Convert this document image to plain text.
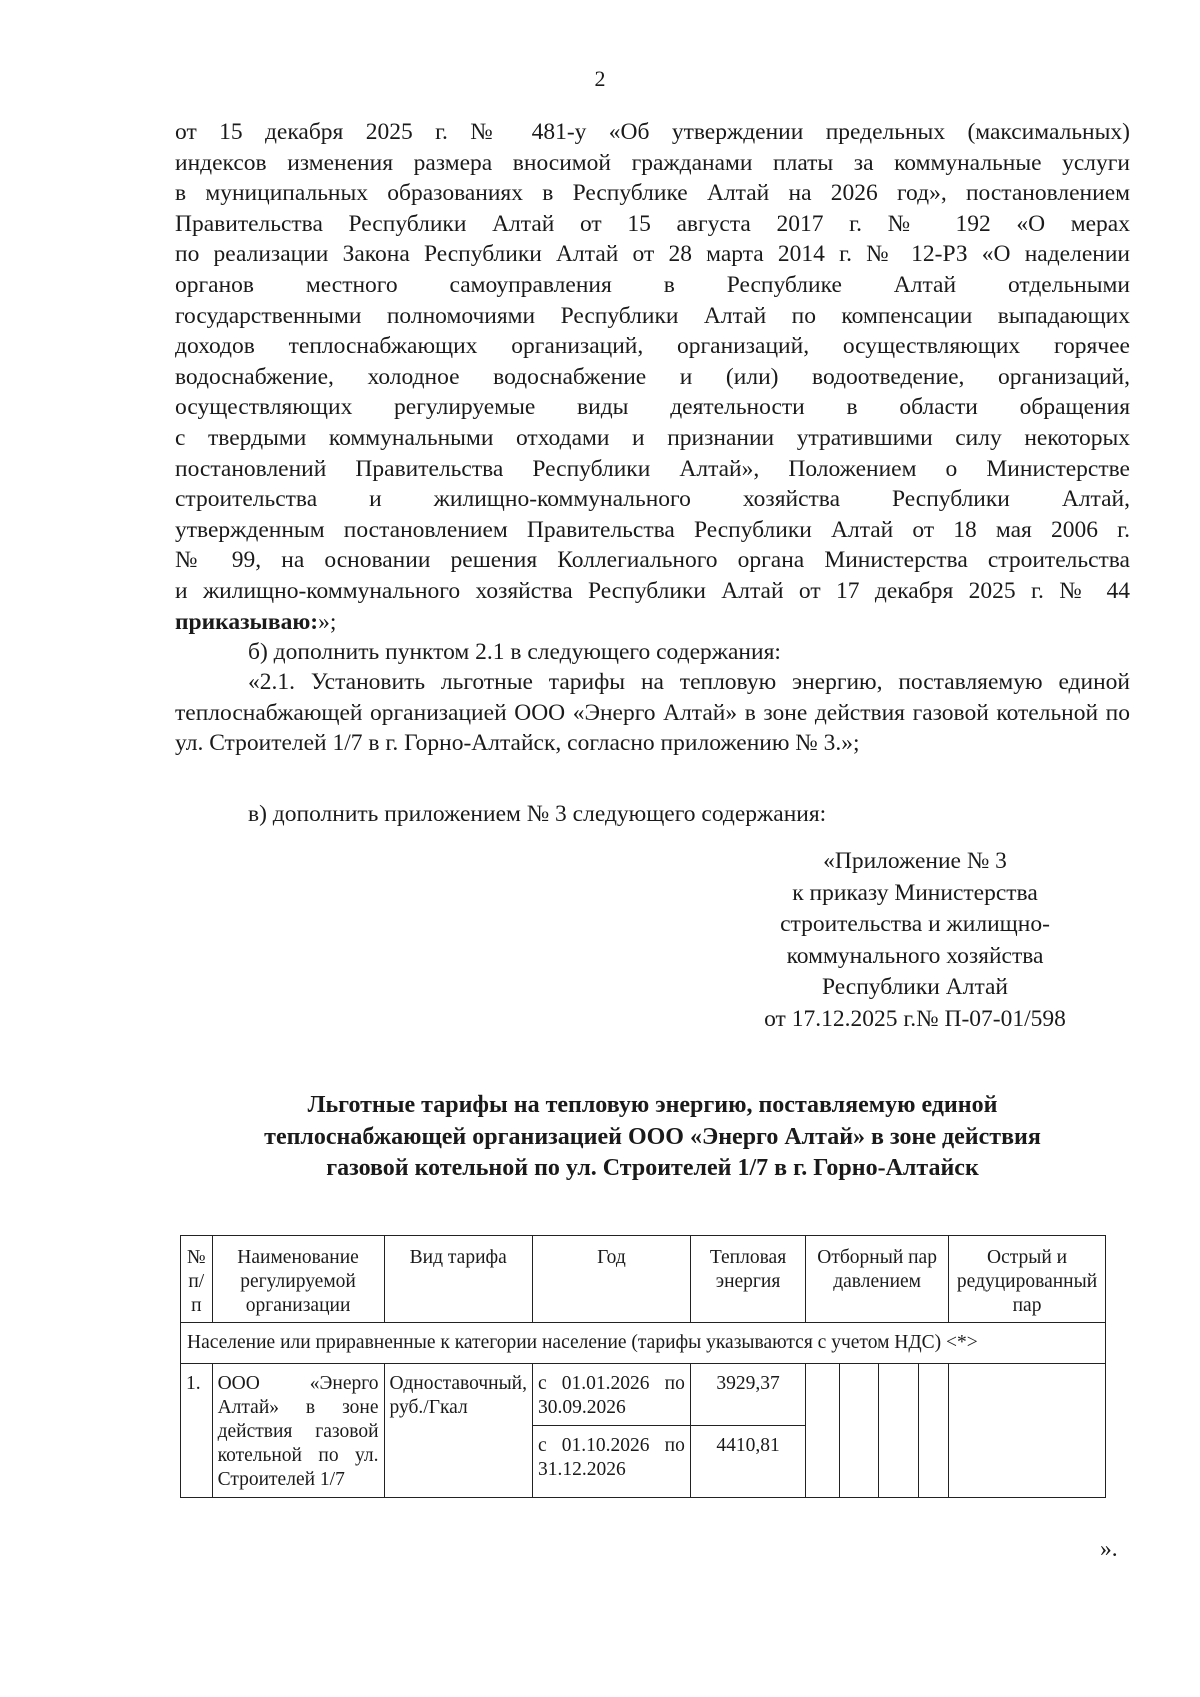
2
от 15 декабря 2025 г. № 481-у «Об утверждении предельных (максимальных)
индексов изменения размера вносимой гражданами платы за коммунальные услуги
в муниципальных образованиях в Республике Алтай на 2026 год», постановлением
Правительства Республики Алтай от 15 августа 2017 г. № 192 «О мерах
по реализации Закона Республики Алтай от 28 марта 2014 г. № 12-РЗ «О наделении
органов местного самоуправления в Республике Алтай отдельными
государственными полномочиями Республики Алтай по компенсации выпадающих
доходов теплоснабжающих организаций, организаций, осуществляющих горячее
водоснабжение, холодное водоснабжение и (или) водоотведение, организаций,
осуществляющих регулируемые виды деятельности в области обращения
с твердыми коммунальными отходами и признании утратившими силу некоторых
постановлений Правительства Республики Алтай», Положением о Министерстве
строительства и жилищно-коммунального хозяйства Республики Алтай,
утвержденным постановлением Правительства Республики Алтай от 18 мая 2006 г.
№ 99, на основании решения Коллегиального органа Министерства строительства
и жилищно-коммунального хозяйства Республики Алтай от 17 декабря 2025 г. № 44
приказываю:»;

б) дополнить пунктом 2.1 в следующего содержания:

«2.1. Установить льготные тарифы на тепловую энергию, поставляемую единой теплоснабжающей организацией ООО «Энерго Алтай» в зоне действия газовой котельной по ул. Строителей 1/7 в г. Горно-Алтайск, согласно приложению № 3.»;

в) дополнить приложением № 3 следующего содержания:

«Приложение № 3
к приказу Министерства
строительства и жилищно-
коммунального хозяйства
Республики Алтай
от 17.12.2025 г.№ П-07-01/598
Льготные тарифы на тепловую энергию, поставляемую единой
теплоснабжающей организацией ООО «Энерго Алтай» в зоне действия
газовой котельной по ул. Строителей 1/7 в г. Горно-Алтайск
№ п/п	Наименование регулируемой организации	Вид тарифа	Год	Тепловая энергия	Отборный пар давлением				Острый и редуцированный пар
Население или приравненные к категории население (тарифы указываются с учетом НДС) <*>									
1.	ООО «Энерго Алтай» в зоне действия газовой котельной по ул. Строителей 1/7	Одноставочный, руб./Гкал	с 01.01.2026 по 30.09.2026	3929,37					
			с 01.10.2026 по 31.12.2026	4410,81					
».
